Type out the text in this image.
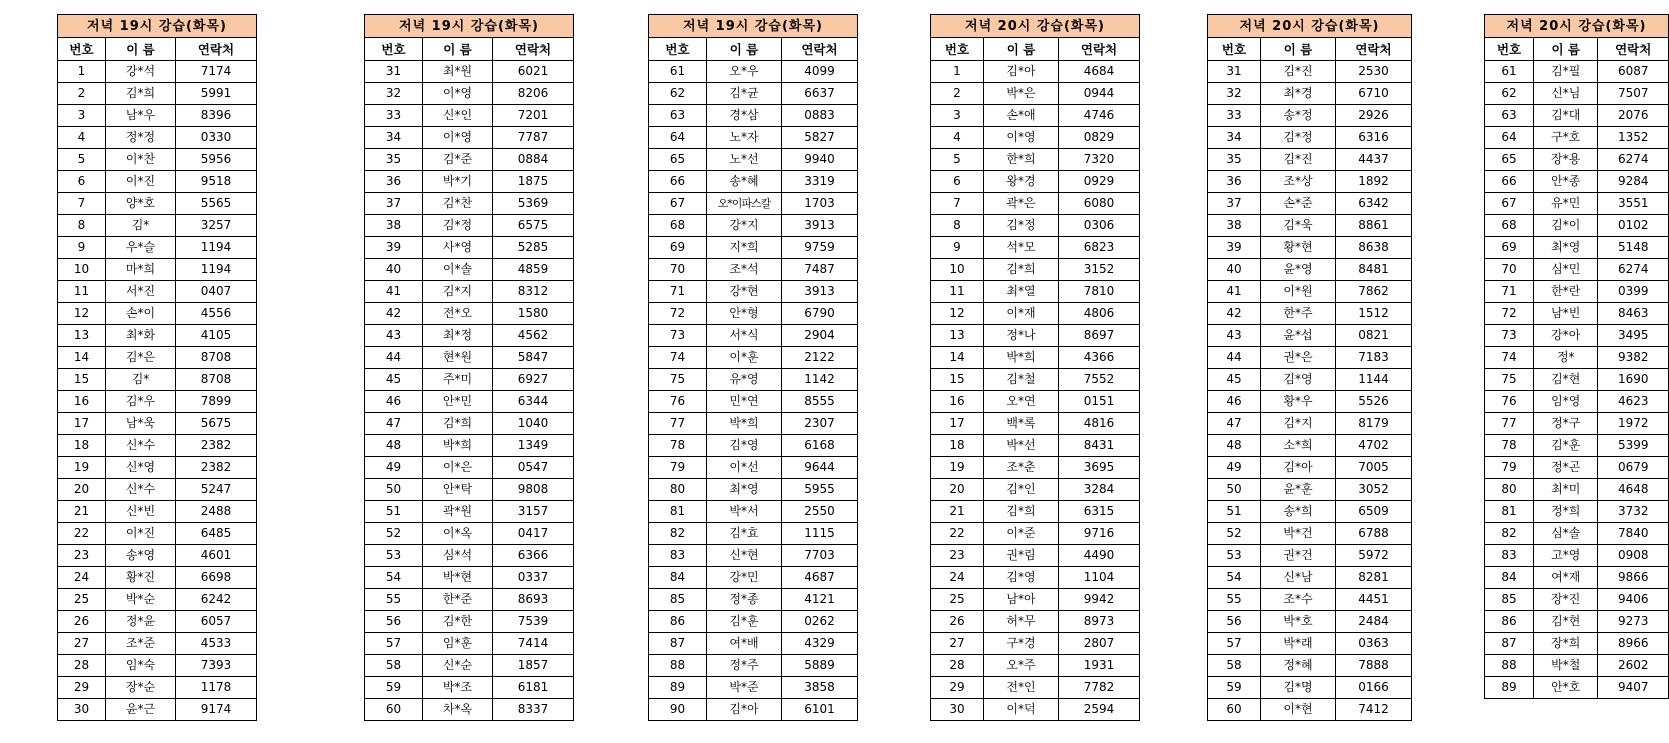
저녁 19시 강습(화목)		
번호	이 름	연락처
1	강*석	7174
2	김*희	5991
3	남*우	8396
4	정*정	0330
5	이*찬	5956
6	이*진	9518
7	양*호	5565
8	김*	3257
9	우*슬	1194
10	마*희	1194
11	서*진	0407
12	손*이	4556
13	최*화	4105
14	김*은	8708
15	김*	8708
16	김*우	7899
17	남*욱	5675
18	신*수	2382
19	신*영	2382
20	신*수	5247
21	신*빈	2488
22	이*진	6485
23	송*영	4601
24	황*진	6698
25	박*순	6242
26	정*윤	6057
27	조*준	4533
28	임*숙	7393
29	장*순	1178
30	윤*근	9174
저녁 19시 강습(화목)		
번호	이 름	연락처
31	최*원	6021
32	이*영	8206
33	신*인	7201
34	이*영	7787
35	김*준	0884
36	박*기	1875
37	김*찬	5369
38	김*정	6575
39	사*영	5285
40	이*솔	4859
41	김*지	8312
42	전*오	1580
43	최*정	4562
44	현*원	5847
45	주*미	6927
46	안*민	6344
47	김*희	1040
48	박*희	1349
49	이*은	0547
50	안*탁	9808
51	곽*원	3157
52	이*옥	0417
53	심*석	6366
54	박*현	0337
55	한*준	8693
56	김*한	7539
57	임*훈	7414
58	신*순	1857
59	박*조	6181
60	차*옥	8337
저녁 19시 강습(화목)		
번호	이 름	연락처
61	오*우	4099
62	김*균	6637
63	경*삼	0883
64	노*자	5827
65	노*선	9940
66	송*혜	3319
67	오*이파스칼	1703
68	강*지	3913
69	지*희	9759
70	조*석	7487
71	강*현	3913
72	안*형	6790
73	서*식	2904
74	이*훈	2122
75	유*영	1142
76	민*연	8555
77	박*희	2307
78	김*영	6168
79	이*선	9644
80	최*영	5955
81	박*서	2550
82	김*효	1115
83	신*현	7703
84	강*민	4687
85	정*종	4121
86	김*훈	0262
87	여*배	4329
88	정*주	5889
89	박*준	3858
90	김*아	6101
저녁 20시 강습(화목)		
번호	이 름	연락처
1	김*아	4684
2	박*은	0944
3	손*애	4746
4	이*영	0829
5	한*희	7320
6	왕*경	0929
7	곽*은	6080
8	김*정	0306
9	석*모	6823
10	김*희	3152
11	최*열	7810
12	이*재	4806
13	정*나	8697
14	박*희	4366
15	김*철	7552
16	오*연	0151
17	백*록	4816
18	박*선	8431
19	조*춘	3695
20	김*인	3284
21	김*희	6315
22	이*준	9716
23	권*림	4490
24	김*영	1104
25	남*아	9942
26	허*무	8973
27	구*경	2807
28	오*주	1931
29	전*인	7782
30	이*덕	2594
저녁 20시 강습(화목)		
번호	이 름	연락처
31	김*진	2530
32	최*경	6710
33	송*정	2926
34	김*정	6316
35	김*진	4437
36	조*상	1892
37	손*준	6342
38	김*욱	8861
39	황*현	8638
40	윤*영	8481
41	이*원	7862
42	한*주	1512
43	윤*섭	0821
44	권*은	7183
45	김*영	1144
46	황*우	5526
47	김*지	8179
48	소*희	4702
49	김*아	7005
50	윤*훈	3052
51	송*희	6509
52	박*건	6788
53	권*건	5972
54	신*남	8281
55	조*수	4451
56	박*호	2484
57	박*래	0363
58	정*혜	7888
59	김*명	0166
60	이*현	7412
저녁 20시 강습(화목)		
번호	이 름	연락처
61	김*필	6087
62	신*님	7507
63	김*대	2076
64	구*호	1352
65	장*용	6274
66	안*종	9284
67	유*민	3551
68	김*이	0102
69	최*영	5148
70	심*민	6274
71	한*란	0399
72	남*빈	8463
73	강*아	3495
74	정*	9382
75	김*현	1690
76	임*영	4623
77	정*구	1972
78	김*훈	5399
79	정*곤	0679
80	최*미	4648
81	정*희	3732
82	심*솔	7840
83	고*영	0908
84	여*재	9866
85	장*진	9406
86	김*현	9273
87	장*희	8966
88	박*철	2602
89	안*호	9407
